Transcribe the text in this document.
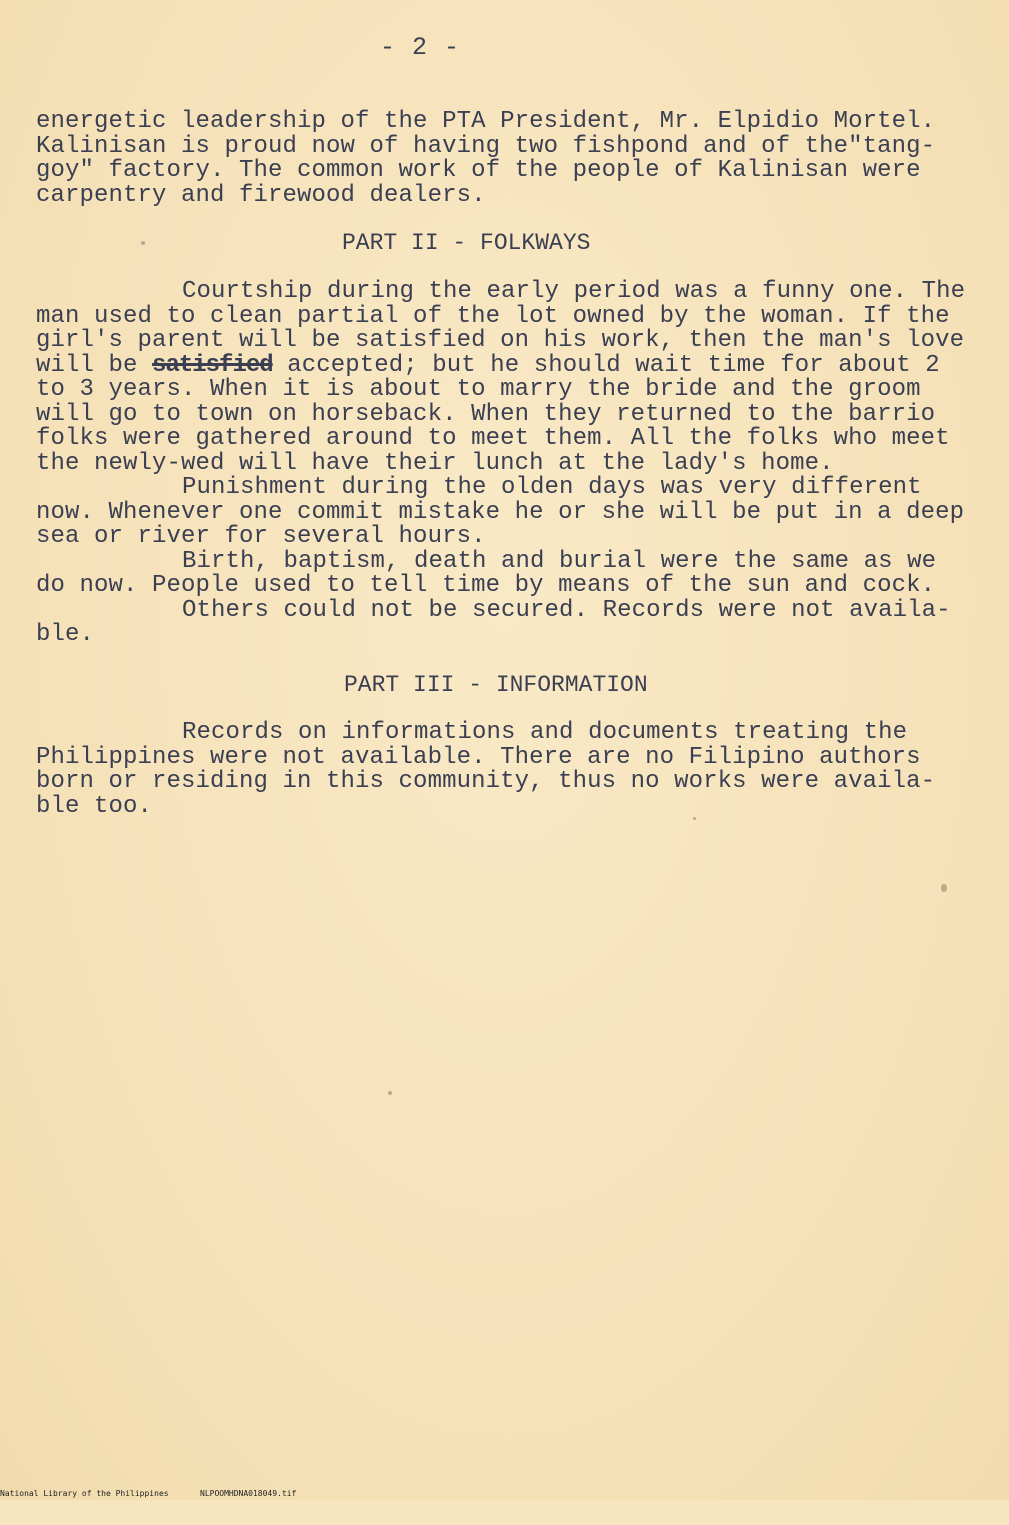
- 2 -
energetic leadership of the PTA President, Mr. Elpidio Mortel.
Kalinisan is proud now of having two fishpond and of the"tang-
goy" factory. The common work of the people of Kalinisan were
carpentry and firewood dealers.
PART II - FOLKWAYS
Courtship during the early period was a funny one. The
man used to clean partial of the lot owned by the woman. If the
girl's parent will be satisfied on his work, then the man's love
will be satisfied accepted; but he should wait time for about 2
to 3 years. When it is about to marry the bride and the groom
will go to town on horseback. When they returned to the barrio
folks were gathered around to meet them. All the folks who meet
the newly-wed will have their lunch at the lady's home.
Punishment during the olden days was very different
now. Whenever one commit mistake he or she will be put in a deep
sea or river for several hours.
Birth, baptism, death and burial were the same as we
do now. People used to tell time by means of the sun and cock.
Others could not be secured. Records were not availa-
ble.
PART III - INFORMATION
Records on informations and documents treating the
Philippines were not available. There are no Filipino authors
born or residing in this community, thus no works were availa-
ble too.

National Library of the Philippines

	NLPOOMHDNA018049.tif
